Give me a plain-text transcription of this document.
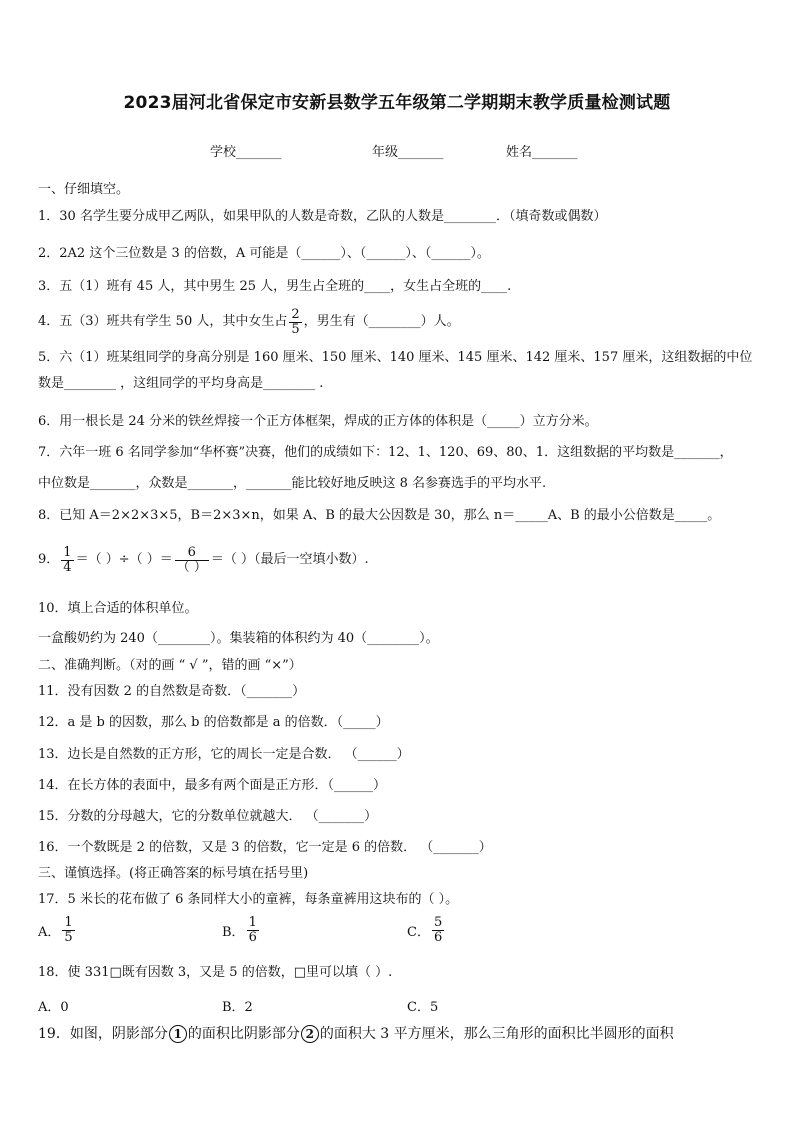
2023届河北省保定市安新县数学五年级第二学期期末教学质量检测试题
学校_______	年级_______	姓名_______
一、仔细填空。
1．30 名学生要分成甲乙两队，如果甲队的人数是奇数，乙队的人数是________．（填奇数或偶数）
2．2A2 这个三位数是 3 的倍数，A 可能是（______）、（______）、（______）。
3．五（1）班有 45 人，其中男生 25 人，男生占全班的____，女生占全班的____.
4．五（3）班共有学生 50 人，其中女生占 $\frac{2}{5}$ ，男生有（________）人。
5．六（1）班某组同学的身高分别是 160 厘米、150 厘米、140 厘米、145 厘米、142 厘米、157 厘米，这组数据的中位数是________ ，这组同学的平均身高是________ .
6．用一根长是 24 分米的铁丝焊接一个正方体框架，焊成的正方体的体积是（_____）立方分米。
7．六年一班 6 名同学参加“华杯赛”决赛，他们的成绩如下：12、1、120、69、80、1．这组数据的平均数是_______，
中位数是_______，众数是_______，_______能比较好地反映这 8 名参赛选手的平均水平.
8．已知 A＝2×2×3×5，B＝2×3×n，如果 A、B 的最大公因数是 30，那么 n＝_____A、B 的最小公倍数是_____。
9． $\frac{1}{4}$ ＝（ ）÷（ ）＝ $\frac{6}{( )}$ ＝（ ）（最后一空填小数）.
10．填上合适的体积单位。
一盒酸奶约为 240（________）。集装箱的体积约为 40（________）。
二、准确判断。（对的画 “ √ ”，错的画 “×”）
11．没有因数 2 的自然数是奇数．（_______）
12．a 是 b 的因数，那么 b 的倍数都是 a 的倍数．（_____）
13．边长是自然数的正方形，它的周长一定是合数． （______）
14．在长方体的表面中，最多有两个面是正方形．（______）
15．分数的分母越大，它的分数单位就越大． （_______）
16．一个数既是 2 的倍数，又是 3 的倍数，它一定是 6 的倍数． （_______）
三、谨慎选择。(将正确答案的标号填在括号里)
17．5 米长的花布做了 6 条同样大小的童裤，每条童裤用这块布的（ ）。
A． $\frac{1}{5}$	B． $\frac{1}{6}$	C． $\frac{5}{6}$
18．使 331□既有因数 3，又是 5 的倍数，□里可以填（ ）.
A．0	B．2	C．5
19．如图，阴影部分 1 的面积比阴影部分 2 的面积大 3 平方厘米，那么三角形的面积比半圆形的面积
